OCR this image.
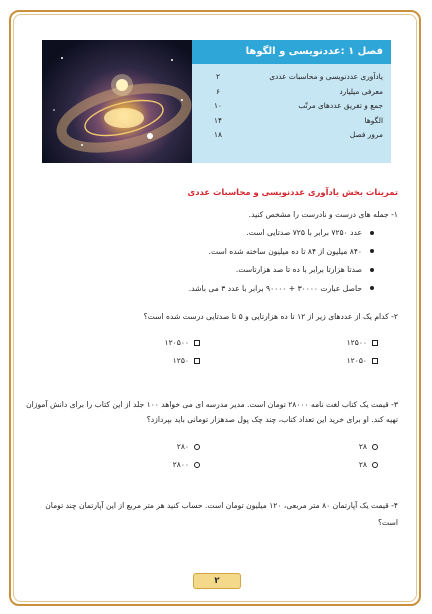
فصل ۱ :عددنویسی و الگوها
یادآوری عددنویسی و محاسبات عددی
۲
معرفی میلیارد
۶
جمع و تفریق عددهای مرتّب
۱۰
الگوها
۱۴
مرور فصل
۱۸
تمرینات بخش یادآوری عددنویسی و محاسبات عددی

۱- جمله های درست و نادرست را مشخص کنید.

عدد ۷۲۵۰ برابر با ۷۲۵ صدتایی است.
۸۴۰ میلیون از ۸۴ تا ده میلیون ساخته شده است.
صدتا هزارتا برابر با ده تا صد هزارتاست.
حاصل عبارت ۳۰۰۰۰ + ۹۰۰۰۰ برابر با عدد ۳ می باشد.

۲- کدام یک از عددهای زیر از ۱۲ تا ده هزارتایی و ۵ تا صدتایی درست شده است؟

۱۲۵۰۰
۱۲۰۵۰۰
۱۲۰۵۰
۱۲۵۰

۳- قیمت یک کتاب لغت نامه ۲۸۰۰۰ تومان است. مدیر مدرسه ای می خواهد ۱۰۰ جلد از این کتاب را برای دانش آموزان تهیه کند. او برای خرید این تعداد کتاب، چند چک پول صدهزار تومانی باید بپردازد؟

۲۸
۲۸۰
۲۸
۲۸۰۰

۴- قیمت یک آپارتمان ۸۰ متر مربعی، ۱۲۰ میلیون تومان است. حساب کنید هر متر مربع از این آپارتمان چند تومان است؟

۲
